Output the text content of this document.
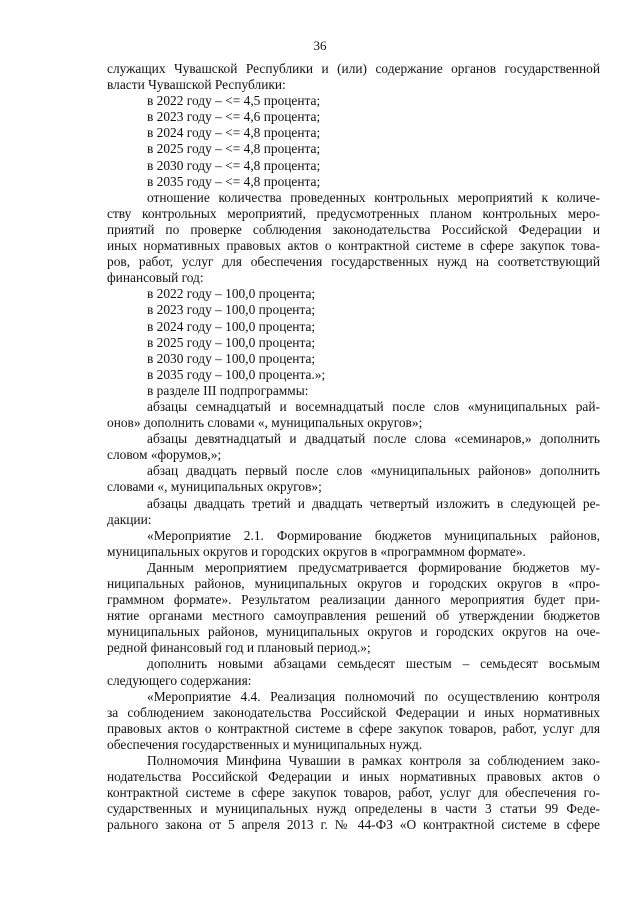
36
служащих Чувашской Республики и (или) содержание органов государственной
власти Чувашской Республики:
в 2022 году – <= 4,5 процента;
в 2023 году – <= 4,6 процента;
в 2024 году – <= 4,8 процента;
в 2025 году – <= 4,8 процента;
в 2030 году – <= 4,8 процента;
в 2035 году – <= 4,8 процента;
отношение количества проведенных контрольных мероприятий к количе-
ству контрольных мероприятий, предусмотренных планом контрольных меро-
приятий по проверке соблюдения законодательства Российской Федерации и
иных нормативных правовых актов о контрактной системе в сфере закупок това-
ров, работ, услуг для обеспечения государственных нужд на соответствующий
финансовый год:
в 2022 году – 100,0 процента;
в 2023 году – 100,0 процента;
в 2024 году – 100,0 процента;
в 2025 году – 100,0 процента;
в 2030 году – 100,0 процента;
в 2035 году – 100,0 процента.»;
в разделе III подпрограммы:
абзацы семнадцатый и восемнадцатый после слов «муниципальных рай-
онов» дополнить словами «, муниципальных округов»;
абзацы девятнадцатый и двадцатый после слова «семинаров,» дополнить
словом «форумов,»;
абзац двадцать первый после слов «муниципальных районов» дополнить
словами «, муниципальных округов»;
абзацы двадцать третий и двадцать четвертый изложить в следующей ре-
дакции:
«Мероприятие 2.1. Формирование бюджетов муниципальных районов,
муниципальных округов и городских округов в «программном формате».
Данным мероприятием предусматривается формирование бюджетов му-
ниципальных районов, муниципальных округов и городских округов в «про-
граммном формате». Результатом реализации данного мероприятия будет при-
нятие органами местного самоуправления решений об утверждении бюджетов
муниципальных районов, муниципальных округов и городских округов на оче-
редной финансовый год и плановый период.»;
дополнить новыми абзацами семьдесят шестым – семьдесят восьмым
следующего содержания:
«Мероприятие 4.4. Реализация полномочий по осуществлению контроля
за соблюдением законодательства Российской Федерации и иных нормативных
правовых актов о контрактной системе в сфере закупок товаров, работ, услуг для
обеспечения государственных и муниципальных нужд.
Полномочия Минфина Чувашии в рамках контроля за соблюдением зако-
нодательства Российской Федерации и иных нормативных правовых актов о
контрактной системе в сфере закупок товаров, работ, услуг для обеспечения го-
сударственных и муниципальных нужд определены в части 3 статьи 99 Феде-
рального закона от 5 апреля 2013 г. № 44-ФЗ «О контрактной системе в сфере
